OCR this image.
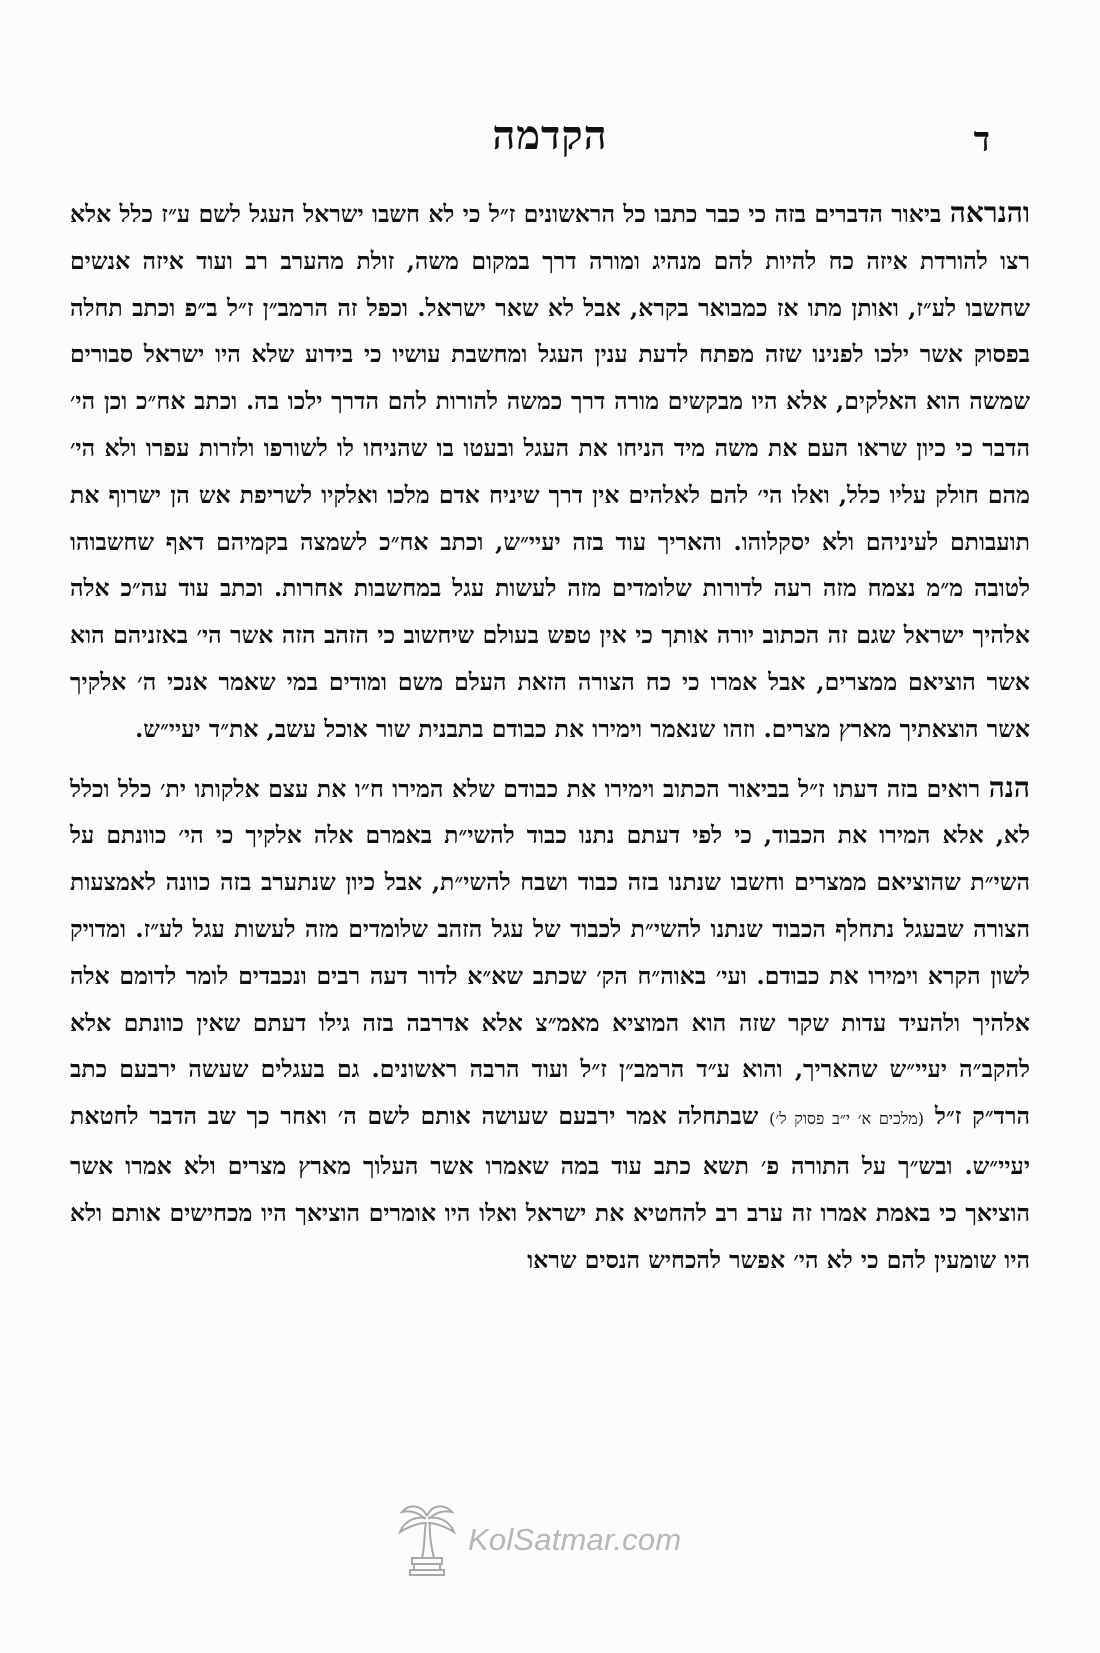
הקדמה	ד

והנראה ביאור הדברים בזה כי כבר כתבו כל הראשונים ז״ל כי לא חשבו ישראל העגל לשם ע״ז כלל אלא רצו להורדת איזה כח להיות להם מנהיג ומורה דרך במקום משה, זולת מהערב רב ועוד איזה אנשים שחשבו לע״ז, ואותן מתו אז כמבואר בקרא, אבל לא שאר ישראל. וכפל זה הרמב״ן ז״ל ב״פ וכתב תחלה בפסוק אשר ילכו לפנינו שזה מפתח לדעת ענין העגל ומחשבת עושיו כי בידוע שלא היו ישראל סבורים שמשה הוא האלקים, אלא היו מבקשים מורה דרך כמשה להורות להם הדרך ילכו בה. וכתב אח״כ וכן הי׳ הדבר כי כיון שראו העם את משה מיד הניחו את העגל ובעטו בו שהניחו לו לשורפו ולזרות עפרו ולא הי׳ מהם חולק עליו כלל, ואלו הי׳ להם לאלהים אין דרך שיניח אדם מלכו ואלקיו לשריפת אש הן ישרוף את תועבותם לעיניהם ולא יסקלוהו. והאריך עוד בזה יעיי״ש, וכתב אח״כ לשמצה בקמיהם דאף שחשבוהו לטובה מ״מ נצמח מזה רעה לדורות שלומדים מזה לעשות עגל במחשבות אחרות. וכתב עוד עה״כ אלה אלהיך ישראל שגם זה הכתוב יורה אותך כי אין טפש בעולם שיחשוב כי הזהב הזה אשר הי׳ באזניהם הוא אשר הוציאם ממצרים, אבל אמרו כי כח הצורה הזאת העלם משם ומודים במי שאמר אנכי ה׳ אלקיך אשר הוצאתיך מארץ מצרים. וזהו שנאמר וימירו את כבודם בתבנית שור אוכל עשב, את״ד יעיי״ש.

הנה רואים בזה דעתו ז״ל בביאור הכתוב וימירו את כבודם שלא המירו ח״ו את עצם אלקותו ית׳ כלל וכלל לא, אלא המירו את הכבוד, כי לפי דעתם נתנו כבוד להשי״ת באמרם אלה אלקיך כי הי׳ כוונתם על השי״ת שהוציאם ממצרים וחשבו שנתנו בזה כבוד ושבח להשי״ת, אבל כיון שנתערב בזה כוונה לאמצעות הצורה שבעגל נתחלף הכבוד שנתנו להשי״ת לכבוד של עגל הזהב שלומדים מזה לעשות עגל לע״ז. ומדויק לשון הקרא וימירו את כבודם. ועי׳ באוה״ח הק׳ שכתב שא״א לדור דעה רבים ונכבדים לומר לדומם אלה אלהיך ולהעיד עדות שקר שזה הוא המוציא מאמ״צ אלא אדרבה בזה גילו דעתם שאין כוונתם אלא להקב״ה יעיי״ש שהאריך, והוא ע״ד הרמב״ן ז״ל ועוד הרבה ראשונים. גם בעגלים שעשה ירבעם כתב הרד״ק ז״ל (מלכים א׳ י״ב פסוק ל׳) שבתחלה אמר ירבעם שעושה אותם לשם ה׳ ואחר כך שב הדבר לחטאת יעיי״ש. ובש״ך על התורה פ׳ תשא כתב עוד במה שאמרו אשר העלוך מארץ מצרים ולא אמרו אשר הוציאך כי באמת אמרו זה ערב רב להחטיא את ישראל ואלו היו אומרים הוציאך היו מכחישים אותם ולא היו שומעין להם כי לא הי׳ אפשר להכחיש הנסים שראו

KolSatmar.com
